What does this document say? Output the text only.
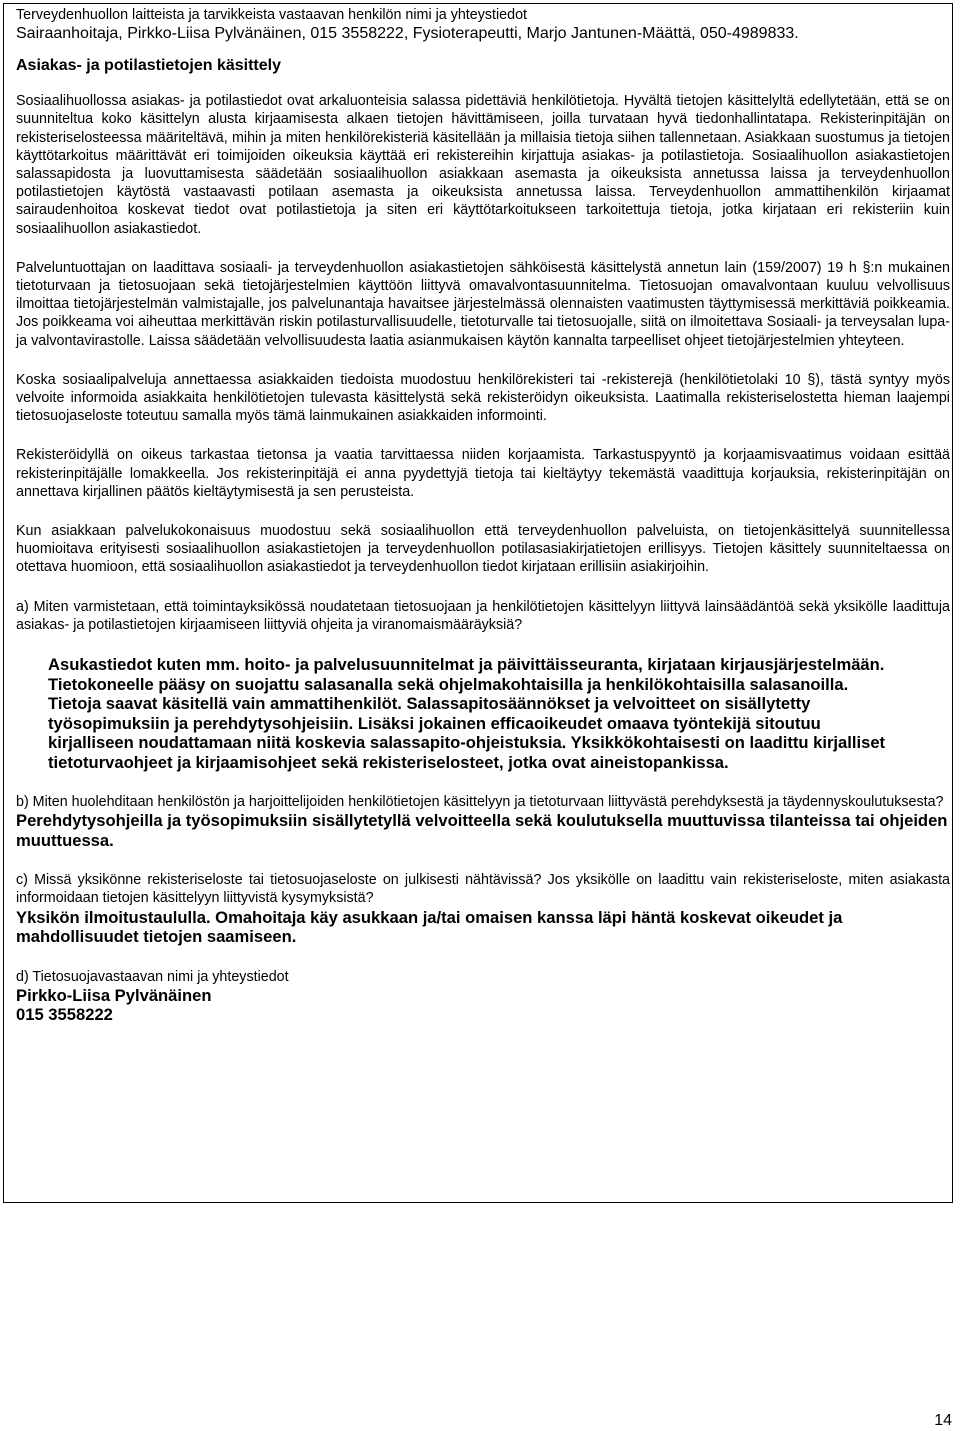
Terveydenhuollon laitteista ja tarvikkeista vastaavan henkilön nimi ja yhteystiedot

Sairaanhoitaja, Pirkko-Liisa Pylvänäinen, 015 3558222, Fysioterapeutti, Marjo Jantunen-Määttä, 050-4989833.

Asiakas- ja potilastietojen käsittely

Sosiaalihuollossa asiakas- ja potilastiedot ovat arkaluonteisia salassa pidettäviä henkilötietoja. Hyvältä tietojen käsittelyltä edellytetään, että se on suunniteltua koko käsittelyn alusta kirjaamisesta alkaen tietojen hävittämiseen, joilla turvataan hyvä tiedonhallintatapa. Rekisterinpitäjän on rekisteriselosteessa määriteltävä, mihin ja miten henkilörekisteriä käsitellään ja millaisia tietoja siihen tallennetaan. Asiakkaan suostumus ja tietojen käyttötarkoitus määrittävät eri toimijoiden oikeuksia käyttää eri rekistereihin kirjattuja asiakas- ja potilastietoja. Sosiaalihuollon asiakastietojen salassapidosta ja luovuttamisesta säädetään sosiaalihuollon asiakkaan asemasta ja oikeuksista annetussa laissa ja terveydenhuollon potilastietojen käytöstä vastaavasti potilaan asemasta ja oikeuksista annetussa laissa. Terveydenhuollon ammattihenkilön kirjaamat sairaudenhoitoa koskevat tiedot ovat potilastietoja ja siten eri käyttötarkoitukseen tarkoitettuja tietoja, jotka kirjataan eri rekisteriin kuin sosiaalihuollon asiakastiedot.

Palveluntuottajan on laadittava sosiaali- ja terveydenhuollon asiakastietojen sähköisestä käsittelystä annetun lain (159/2007) 19 h §:n mukainen tietoturvaan ja tietosuojaan sekä tietojärjestelmien käyttöön liittyvä omavalvontasuunnitelma. Tietosuojan omavalvontaan kuuluu velvollisuus ilmoittaa tietojärjestelmän valmistajalle, jos palvelunantaja havaitsee järjestelmässä olennaisten vaatimusten täyttymisessä merkittäviä poikkeamia. Jos poikkeama voi aiheuttaa merkittävän riskin potilasturvallisuudelle, tietoturvalle tai tietosuojalle, siitä on ilmoitettava Sosiaali- ja terveysalan lupa- ja valvontavirastolle. Laissa säädetään velvollisuudesta laatia asianmukaisen käytön kannalta tarpeelliset ohjeet tietojärjestelmien yhteyteen.

Koska sosiaalipalveluja annettaessa asiakkaiden tiedoista muodostuu henkilörekisteri tai -rekisterejä (henkilötietolaki 10 §), tästä syntyy myös velvoite informoida asiakkaita henkilötietojen tulevasta käsittelystä sekä rekisteröidyn oikeuksista. Laatimalla rekisteriselostetta hieman laajempi tietosuojaseloste toteutuu samalla myös tämä lainmukainen asiakkaiden informointi.

Rekisteröidyllä on oikeus tarkastaa tietonsa ja vaatia tarvittaessa niiden korjaamista. Tarkastuspyyntö ja korjaamisvaatimus voidaan esittää rekisterinpitäjälle lomakkeella. Jos rekisterinpitäjä ei anna pyydettyjä tietoja tai kieltäytyy tekemästä vaadittuja korjauksia, rekisterinpitäjän on annettava kirjallinen päätös kieltäytymisestä ja sen perusteista.

Kun asiakkaan palvelukokonaisuus muodostuu sekä sosiaalihuollon että terveydenhuollon palveluista, on tietojenkäsittelyä suunnitellessa huomioitava erityisesti sosiaalihuollon asiakastietojen ja terveydenhuollon potilasasiakirjatietojen erillisyys. Tietojen käsittely suunniteltaessa on otettava huomioon, että sosiaalihuollon asiakastiedot ja terveydenhuollon tiedot kirjataan erillisiin asiakirjoihin.

a) Miten varmistetaan, että toimintayksikössä noudatetaan tietosuojaan ja henkilötietojen käsittelyyn liittyvä lainsäädäntöä sekä yksikölle laadittuja asiakas- ja potilastietojen kirjaamiseen liittyviä ohjeita ja viranomaismääräyksiä?

Asukastiedot kuten mm. hoito- ja palvelusuunnitelmat ja päivittäisseuranta, kirjataan kirjausjärjestelmään. Tietokoneelle pääsy on suojattu salasanalla sekä ohjelmakohtaisilla ja henkilökohtaisilla salasanoilla. Tietoja saavat käsitellä vain ammattihenkilöt. Salassapitosäännökset ja velvoitteet on sisällytetty työsopimuksiin ja perehdytysohjeisiin. Lisäksi jokainen efficaoikeudet omaava työntekijä sitoutuu kirjalliseen noudattamaan niitä koskevia salassapito-ohjeistuksia. Yksikkökohtaisesti on laadittu kirjalliset tietoturvaohjeet ja kirjaamisohjeet sekä rekisteriselosteet, jotka ovat aineistopankissa.

b) Miten huolehditaan henkilöstön ja harjoittelijoiden henkilötietojen käsittelyyn ja tietoturvaan liittyvästä perehdyksestä ja täydennyskoulutuksesta?

Perehdytysohjeilla ja työsopimuksiin sisällytetyllä velvoitteella sekä koulutuksella muuttuvissa tilanteissa tai ohjeiden muuttuessa.

c) Missä yksikönne rekisteriseloste tai tietosuojaseloste on julkisesti nähtävissä? Jos yksikölle on laadittu vain rekisteriseloste, miten asiakasta informoidaan tietojen käsittelyyn liittyvistä kysymyksistä?

Yksikön ilmoitustaululla. Omahoitaja käy asukkaan ja/tai omaisen kanssa läpi häntä koskevat oikeudet ja mahdollisuudet tietojen saamiseen.

d) Tietosuojavastaavan nimi ja yhteystiedot

Pirkko-Liisa Pylvänäinen

015 3558222

14
